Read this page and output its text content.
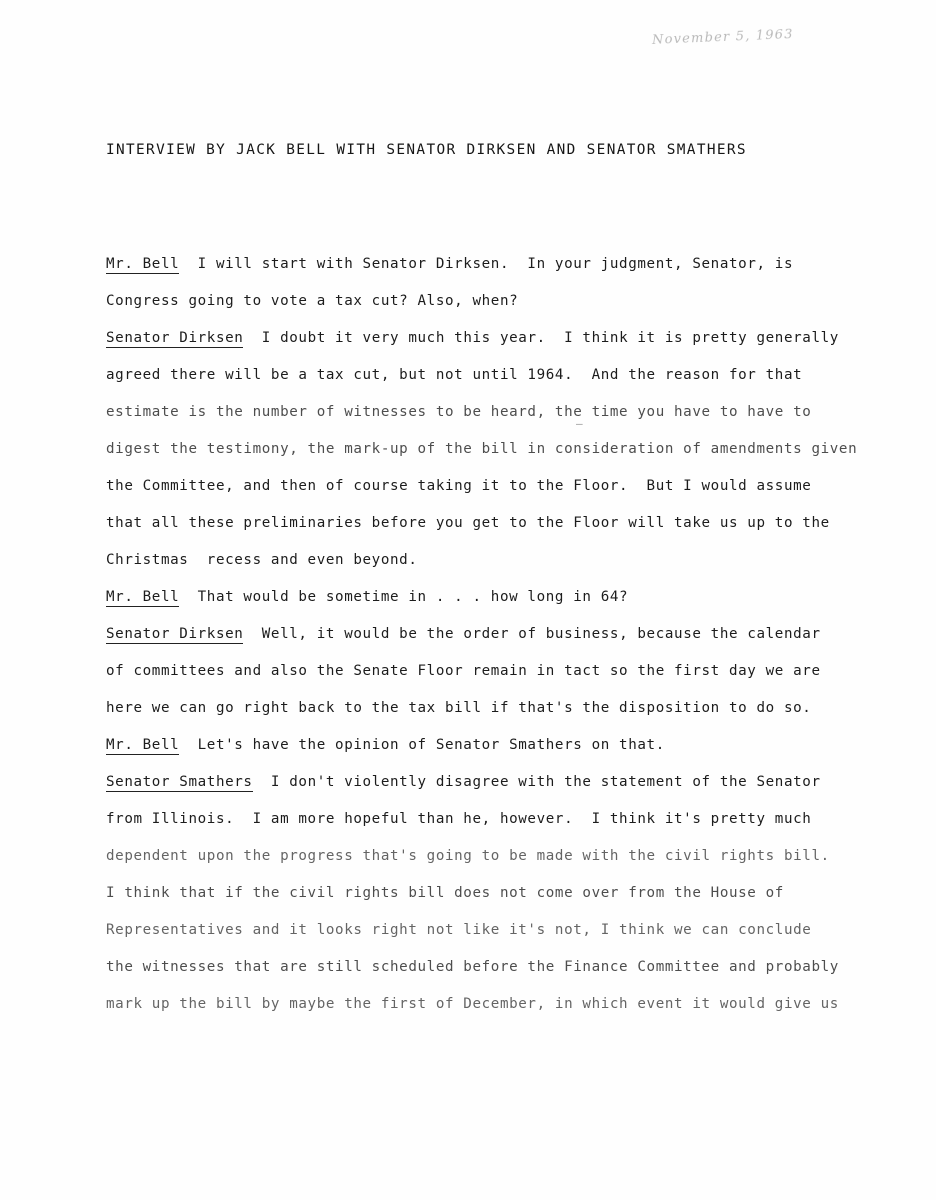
November 5, 1963
INTERVIEW BY JACK BELL WITH SENATOR DIRKSEN AND SENATOR SMATHERS
Mr. Bell  I will start with Senator Dirksen.  In your judgment, Senator, is
Congress going to vote a tax cut? Also, when?
Senator Dirksen  I doubt it very much this year.  I think it is pretty generally
agreed there will be a tax cut, but not until 1964.  And the reason for that
estimate is the number of witnesses to be heard, the time you have to have to
digest the testimony, the mark-up of the bill in consideration of amendments given
the Committee, and then of course taking it to the Floor.  But I would assume
that all these preliminaries before you get to the Floor will take us up to the
Christmas  recess and even beyond.
Mr. Bell  That would be sometime in . . . how long in 64?
Senator Dirksen  Well, it would be the order of business, because the calendar
of committees and also the Senate Floor remain in tact so the first day we are
here we can go right back to the tax bill if that's the disposition to do so.
Mr. Bell  Let's have the opinion of Senator Smathers on that.
Senator Smathers  I don't violently disagree with the statement of the Senator
from Illinois.  I am more hopeful than he, however.  I think it's pretty much
dependent upon the progress that's going to be made with the civil rights bill.
I think that if the civil rights bill does not come over from the House of
Representatives and it looks right not like it's not, I think we can conclude
the witnesses that are still scheduled before the Finance Committee and probably
mark up the bill by maybe the first of December, in which event it would give us
–
